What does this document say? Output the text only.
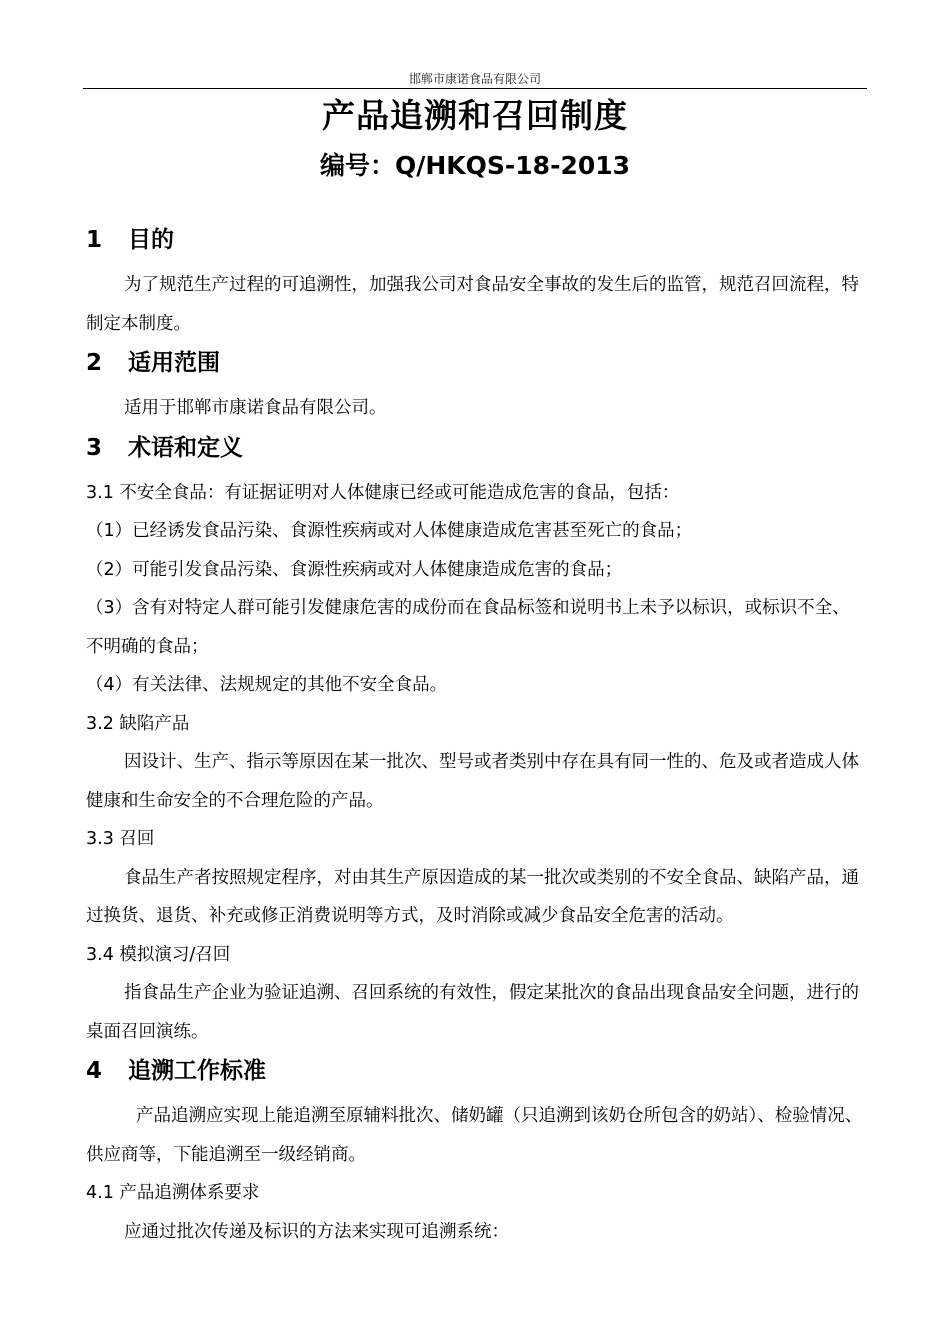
邯郸市康诺食品有限公司
产品追溯和召回制度
编号：Q/HKQS-18-2013
1 目的

为了规范生产过程的可追溯性，加强我公司对食品安全事故的发生后的监管，规范召回流程，特制定本制度。

2 适用范围

适用于邯郸市康诺食品有限公司。

3 术语和定义

3.1 不安全食品：有证据证明对人体健康已经或可能造成危害的食品，包括：

（1）已经诱发食品污染、食源性疾病或对人体健康造成危害甚至死亡的食品；

（2）可能引发食品污染、食源性疾病或对人体健康造成危害的食品；

（3）含有对特定人群可能引发健康危害的成份而在食品标签和说明书上未予以标识，或标识不全、不明确的食品；

（4）有关法律、法规规定的其他不安全食品。

3.2 缺陷产品

因设计、生产、指示等原因在某一批次、型号或者类别中存在具有同一性的、危及或者造成人体健康和生命安全的不合理危险的产品。

3.3 召回

食品生产者按照规定程序，对由其生产原因造成的某一批次或类别的不安全食品、缺陷产品，通过换货、退货、补充或修正消费说明等方式，及时消除或减少食品安全危害的活动。

3.4 模拟演习/召回

指食品生产企业为验证追溯、召回系统的有效性，假定某批次的食品出现食品安全问题，进行的桌面召回演练。

4 追溯工作标准

产品追溯应实现上能追溯至原辅料批次、储奶罐（只追溯到该奶仓所包含的奶站）、检验情况、供应商等，下能追溯至一级经销商。

4.1 产品追溯体系要求

应通过批次传递及标识的方法来实现可追溯系统：
